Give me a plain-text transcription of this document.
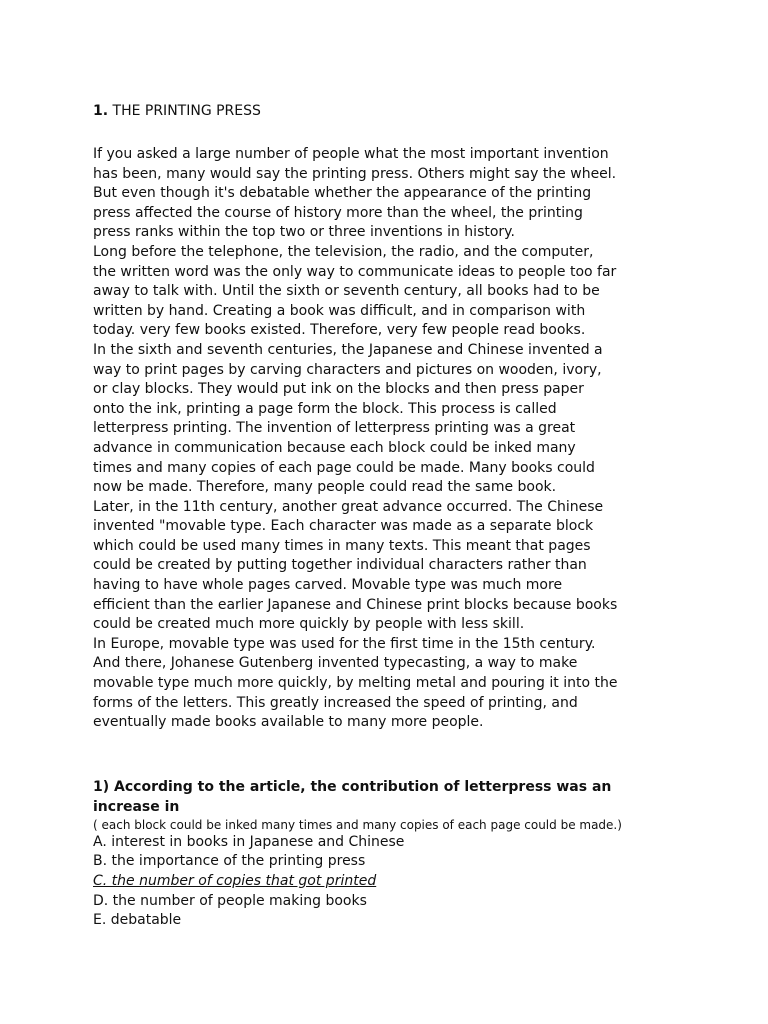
1. THE PRINTING PRESS

If you asked a large number of people what the most important invention

has been, many would say the printing press. Others might say the wheel.

But even though it's debatable whether the appearance of the printing

press affected the course of history more than the wheel, the printing

press ranks within the top two or three inventions in history.

Long before the telephone, the television, the radio, and the computer,

the written word was the only way to communicate ideas to people too far

away to talk with. Until the sixth or seventh century, all books had to be

written by hand. Creating a book was difficult, and in comparison with

today. very few books existed. Therefore, very few people read books.

In the sixth and seventh centuries, the Japanese and Chinese invented a

way to print pages by carving characters and pictures on wooden, ivory,

or clay blocks. They would put ink on the blocks and then press paper

onto the ink, printing a page form the block. This process is called

letterpress printing. The invention of letterpress printing was a great

advance in communication because each block could be inked many

times and many copies of each page could be made. Many books could

now be made. Therefore, many people could read the same book.

Later, in the 11th century, another great advance occurred. The Chinese

invented "movable type. Each character was made as a separate block

which could be used many times in many texts. This meant that pages

could be created by putting together individual characters rather than

having to have whole pages carved. Movable type was much more

efficient than the earlier Japanese and Chinese print blocks because books

could be created much more quickly by people with less skill.

In Europe, movable type was used for the first time in the 15th century.

And there, Johanese Gutenberg invented typecasting, a way to make

movable type much more quickly, by melting metal and pouring it into the

forms of the letters. This greatly increased the speed of printing, and

eventually made books available to many more people.

1) According to the article, the contribution of letterpress was an
increase in

( each block could be inked many times and many copies of each page could be made.)

A. interest in books in Japanese and Chinese
B. the importance of the printing press
C. the number of copies that got printed
D. the number of people making books
E. debatable
